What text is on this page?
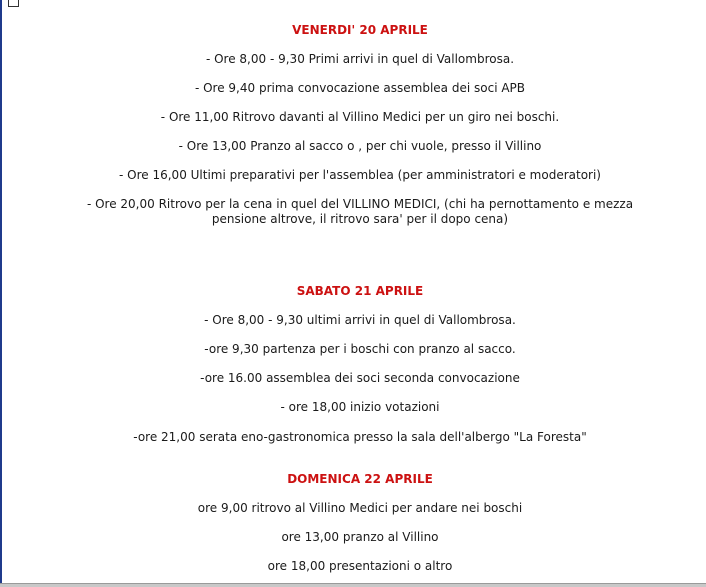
VENERDI' 20 APRILE
- Ore 8,00 - 9,30 Primi arrivi in quel di Vallombrosa.
- Ore 9,40 prima convocazione assemblea dei soci APB
- Ore 11,00 Ritrovo davanti al Villino Medici per un giro nei boschi.
- Ore 13,00 Pranzo al sacco o , per chi vuole, presso il Villino
- Ore 16,00 Ultimi preparativi per l'assemblea (per amministratori e moderatori)
- Ore 20,00 Ritrovo per la cena in quel del VILLINO MEDICI, (chi ha pernottamento e mezza
pensione altrove, il ritrovo sara' per il dopo cena)
SABATO 21 APRILE
- Ore 8,00 - 9,30 ultimi arrivi in quel di Vallombrosa.
-ore 9,30 partenza per i boschi con pranzo al sacco.
-ore 16.00 assemblea dei soci seconda convocazione
- ore 18,00 inizio votazioni
-ore 21,00 serata eno-gastronomica presso la sala dell'albergo "La Foresta"
DOMENICA 22 APRILE
ore 9,00 ritrovo al Villino Medici per andare nei boschi
ore 13,00 pranzo al Villino
ore 18,00 presentazioni o altro
